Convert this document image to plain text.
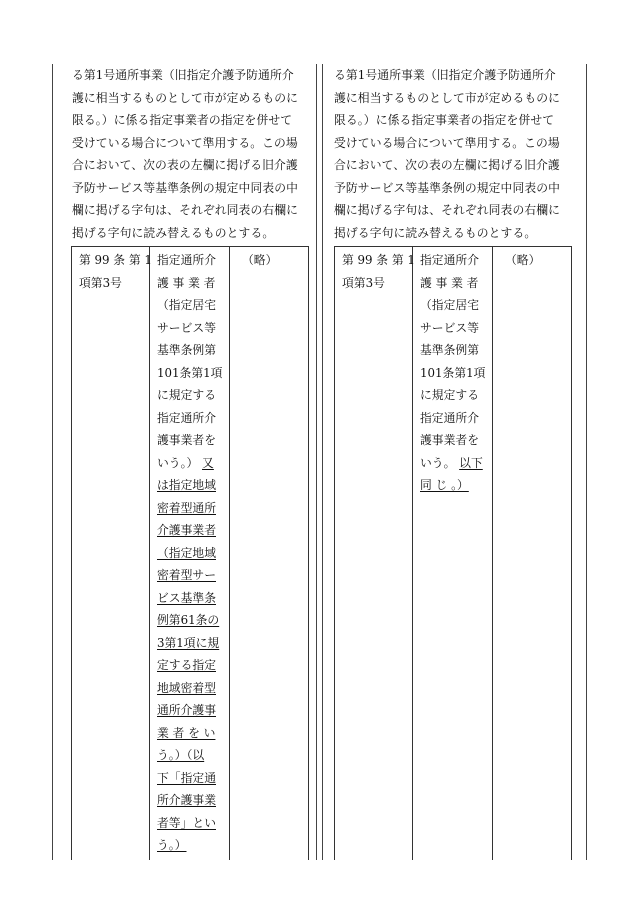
る第1号通所事業（旧指定介護予防通所介

護に相当するものとして市が定めるものに

限る。）に係る指定事業者の指定を併せて

受けている場合について準用する。この場

合において、次の表の左欄に掲げる旧介護

予防サービス等基準条例の規定中同表の中

欄に掲げる字句は、それぞれ同表の右欄に

掲げる字句に読み替えるものとする。

第 99 条 第 1
項第3号
指定通所介
護 事 業 者
（指定居宅
サービス等
基準条例第
101条第1項
に規定する
指定通所介
護事業者を
いう。） 又
は指定地域
密着型通所
介護事業者
（指定地域
密着型サー
ビス基準条
例第61条の
3第1項に規
定する指定
地域密着型
通所介護事
業 者 を い
う。）（以
下「指定通
所介護事業
者等」とい
う。）
（略）

る第1号通所事業（旧指定介護予防通所介

護に相当するものとして市が定めるものに

限る。）に係る指定事業者の指定を併せて

受けている場合について準用する。この場

合において、次の表の左欄に掲げる旧介護

予防サービス等基準条例の規定中同表の中

欄に掲げる字句は、それぞれ同表の右欄に

掲げる字句に読み替えるものとする。

第 99 条 第 1
項第3号
指定通所介
護 事 業 者
（指定居宅
サービス等
基準条例第
101条第1項
に規定する
指定通所介
護事業者を
いう。 以下
同 じ 。）
（略）
